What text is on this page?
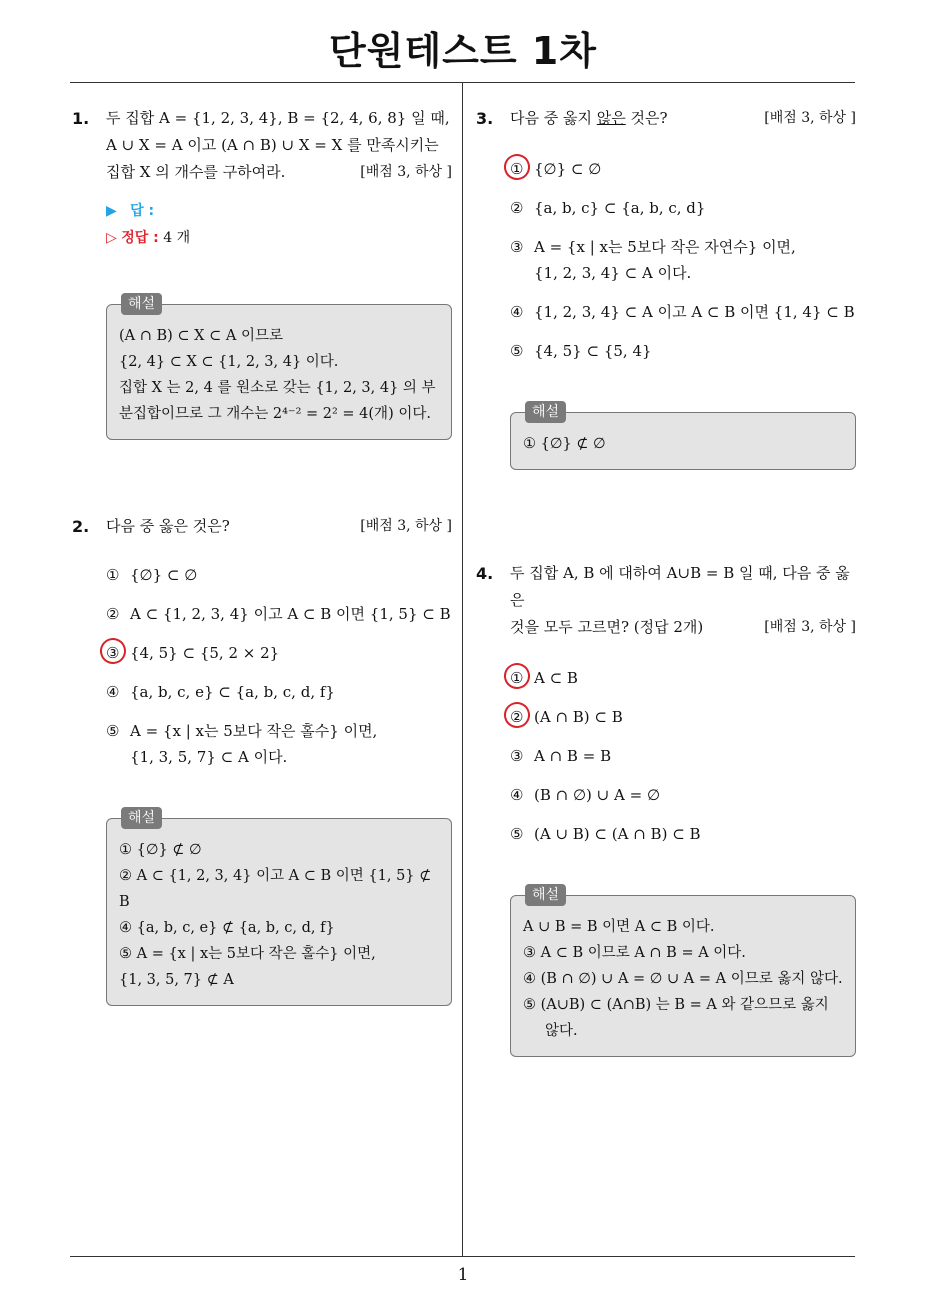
단원테스트 1차
1
1.	두 집합 A = {1, 2, 3, 4}, B = {2, 4, 6, 8} 일 때,
A ∪ X = A 이고 (A ∩ B) ∪ X = X 를 만족시키는
집합 X 의 개수를 구하여라.	[배점 3, 하상 ]
▶ 답 :
▷ 정답 : 4 개
해설
(A ∩ B) ⊂ X ⊂ A 이므로
{2, 4} ⊂ X ⊂ {1, 2, 3, 4} 이다.
집합 X 는 2, 4 를 원소로 갖는 {1, 2, 3, 4} 의 부
분집합이므로 그 개수는 2⁴⁻² = 2² = 4(개) 이다.
2.	다음 중 옳은 것은?	[배점 3, 하상 ]
① {∅} ⊂ ∅
② A ⊂ {1, 2, 3, 4} 이고 A ⊂ B 이면 {1, 5} ⊂ B
③ {4, 5} ⊂ {5, 2 × 2}
④ {a, b, c, e} ⊂ {a, b, c, d, f}
⑤ A = {x | x는 5보다 작은 홀수} 이면,
{1, 3, 5, 7} ⊂ A 이다.
해설
① {∅} ⊄ ∅
② A ⊂ {1, 2, 3, 4} 이고 A ⊂ B 이면 {1, 5} ⊄ B
④ {a, b, c, e} ⊄ {a, b, c, d, f}
⑤ A = {x | x는 5보다 작은 홀수} 이면,
{1, 3, 5, 7} ⊄ A
3.	다음 중 옳지 않은 것은?	[배점 3, 하상 ]
① {∅} ⊂ ∅
② {a, b, c} ⊂ {a, b, c, d}
③ A = {x | x는 5보다 작은 자연수} 이면,
{1, 2, 3, 4} ⊂ A 이다.
④ {1, 2, 3, 4} ⊂ A 이고 A ⊂ B 이면 {1, 4} ⊂ B
⑤ {4, 5} ⊂ {5, 4}
해설
① {∅} ⊄ ∅
4.	두 집합 A, B 에 대하여 A∪B = B 일 때, 다음 중 옳은
것을 모두 고르면? (정답 2개)	[배점 3, 하상 ]
① A ⊂ B
② (A ∩ B) ⊂ B
③ A ∩ B = B
④ (B ∩ ∅) ∪ A = ∅
⑤ (A ∪ B) ⊂ (A ∩ B) ⊂ B
해설
A ∪ B = B 이면 A ⊂ B 이다.
③ A ⊂ B 이므로 A ∩ B = A 이다.
④ (B ∩ ∅) ∪ A = ∅ ∪ A = A 이므로 옳지 않다.
⑤ (A∪B) ⊂ (A∩B) 는 B = A 와 같으므로 옳지 않다.
